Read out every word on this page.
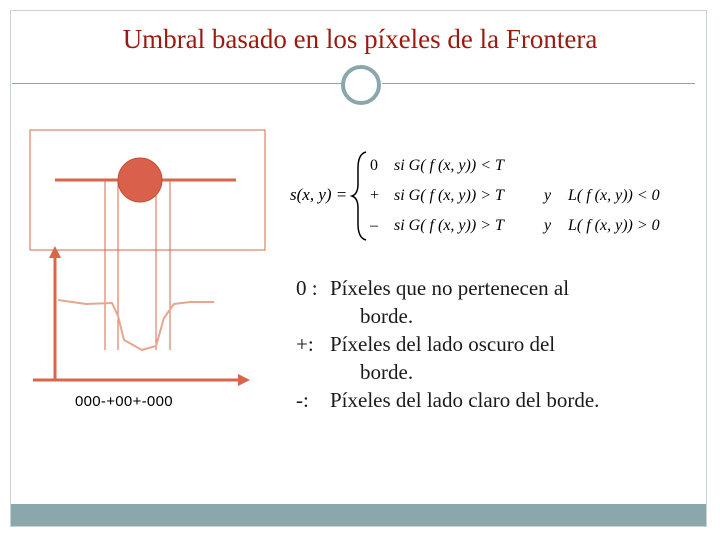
Umbral basado en los píxeles de la Frontera
000-+00+-000
s(x, y) =
0 si G( f (x, y)) < T
+ si G( f (x, y)) > T	y L( f (x, y)) < 0
– si G( f (x, y)) > T	y L( f (x, y)) > 0
0 : Píxeles que no pertenecen al
borde.
+: Píxeles del lado oscuro del
borde.
-:	Píxeles del lado claro del borde.
